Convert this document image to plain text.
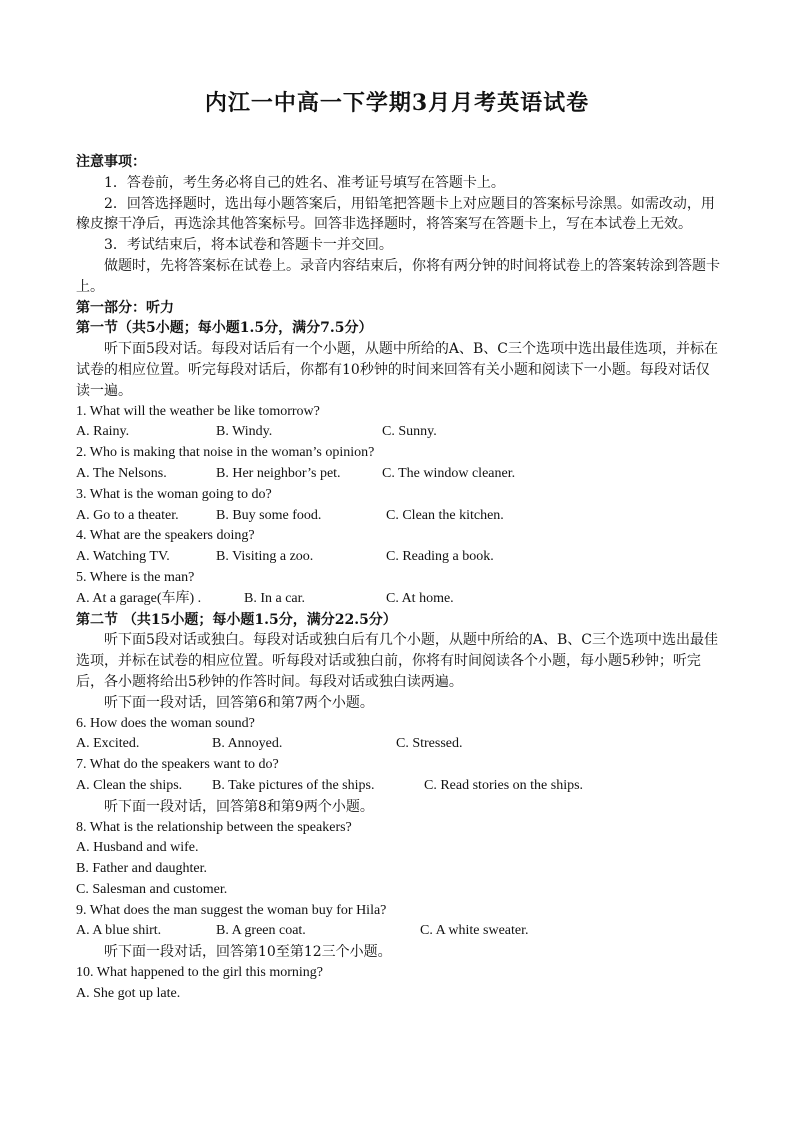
内江一中高一下学期3月月考英语试卷

注意事项：

1．答卷前，考生务必将自己的姓名、准考证号填写在答题卡上。

2．回答选择题时，选出每小题答案后，用铅笔把答题卡上对应题目的答案标号涂黑。如需改动，用橡皮擦干净后，再选涂其他答案标号。回答非选择题时，将答案写在答题卡上，写在本试卷上无效。

3．考试结束后，将本试卷和答题卡一并交回。

做题时，先将答案标在试卷上。录音内容结束后，你将有两分钟的时间将试卷上的答案转涂到答题卡上。

第一部分：听力

第一节（共5小题；每小题1.5分，满分7.5分）

听下面5段对话。每段对话后有一个小题，从题中所给的A、B、C三个选项中选出最佳选项，并标在试卷的相应位置。听完每段对话后，你都有10秒钟的时间来回答有关小题和阅读下一小题。每段对话仅读一遍。

1. What will the weather be like tomorrow?

A. Rainy.	B. Windy.	C. Sunny.

2. Who is making that noise in the woman’s opinion?

A. The Nelsons.	B. Her neighbor’s pet.	C. The window cleaner.

3. What is the woman going to do?

A. Go to a theater.	B. Buy some food.	C. Clean the kitchen.

4. What are the speakers doing?

A. Watching TV.	B. Visiting a zoo.	C. Reading a book.

5. Where is the man?

A. At a garage(车库) .	B. In a car.	C. At home.

第二节 （共15小题；每小题1.5分，满分22.5分）

听下面5段对话或独白。每段对话或独白后有几个小题，从题中所给的A、B、C三个选项中选出最佳选项，并标在试卷的相应位置。听每段对话或独白前，你将有时间阅读各个小题，每小题5秒钟；听完后，各小题将给出5秒钟的作答时间。每段对话或独白读两遍。

听下面一段对话，回答第6和第7两个小题。

6. How does the woman sound?

A. Excited.	B. Annoyed.	C. Stressed.

7. What do the speakers want to do?

A. Clean the ships.	B. Take pictures of the ships.	C. Read stories on the ships.

听下面一段对话，回答第8和第9两个小题。

8. What is the relationship between the speakers?

A. Husband and wife.

B. Father and daughter.

C. Salesman and customer.

9. What does the man suggest the woman buy for Hila?

A. A blue shirt.	B. A green coat.	C. A white sweater.

听下面一段对话，回答第10至第12三个小题。

10. What happened to the girl this morning?

A. She got up late.
